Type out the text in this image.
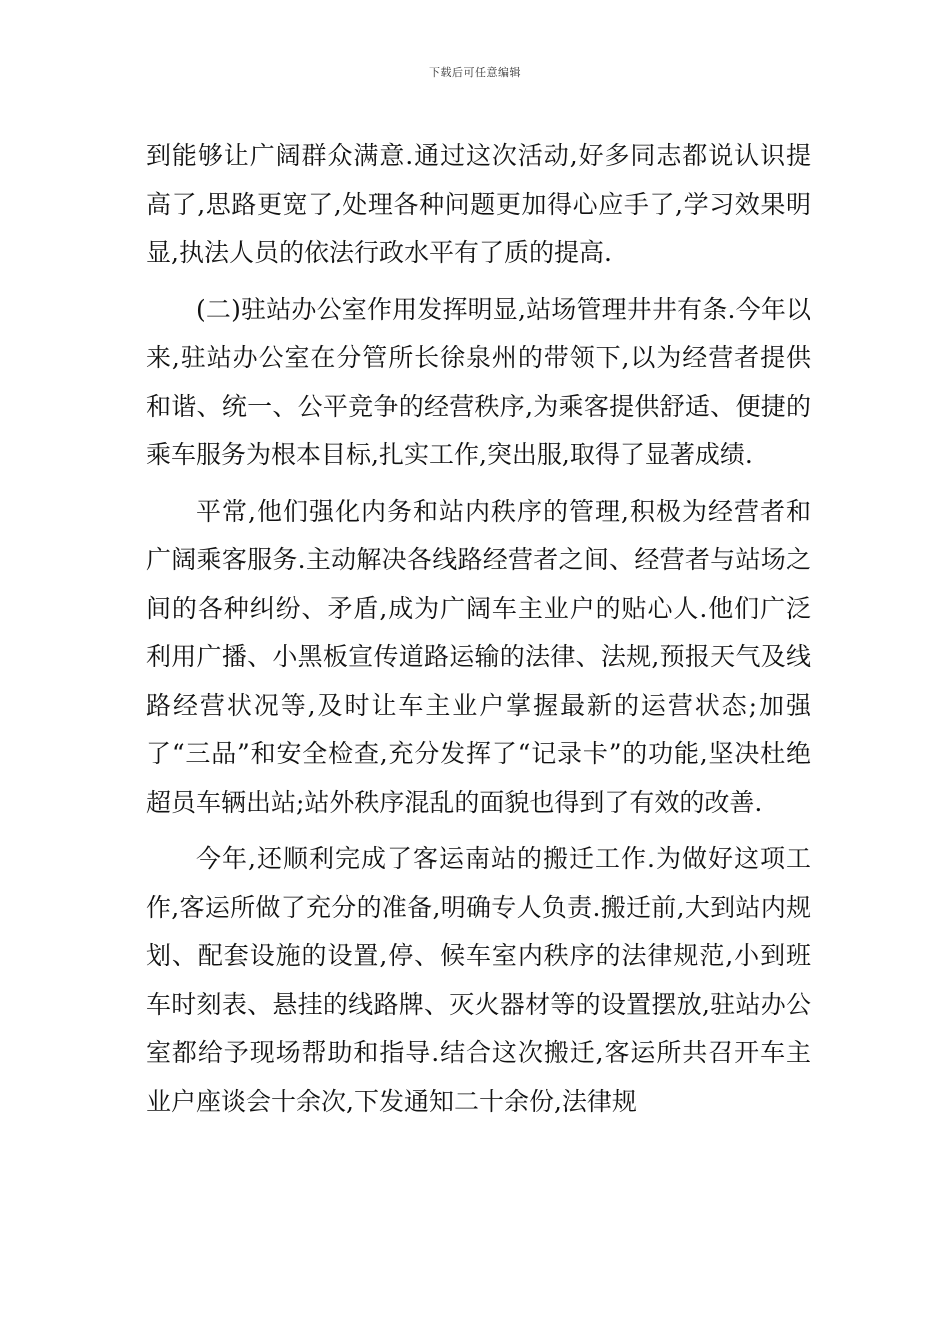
下载后可任意编辑

到能够让广阔群众满意.通过这次活动,好多同志都说认识提高了,思路更宽了,处理各种问题更加得心应手了,学习效果明显,执法人员的依法行政水平有了质的提高.

(二)驻站办公室作用发挥明显,站场管理井井有条.今年以来,驻站办公室在分管所长徐泉州的带领下,以为经营者提供和谐、统一、公平竞争的经营秩序,为乘客提供舒适、便捷的乘车服务为根本目标,扎实工作,突出服,取得了显著成绩.

平常,他们强化内务和站内秩序的管理,积极为经营者和广阔乘客服务.主动解决各线路经营者之间、经营者与站场之间的各种纠纷、矛盾,成为广阔车主业户的贴心人.他们广泛利用广播、小黑板宣传道路运输的法律、法规,预报天气及线路经营状况等,及时让车主业户掌握最新的运营状态;加强了“三品”和安全检查,充分发挥了“记录卡”的功能,坚决杜绝超员车辆出站;站外秩序混乱的面貌也得到了有效的改善.

今年,还顺利完成了客运南站的搬迁工作.为做好这项工作,客运所做了充分的准备,明确专人负责.搬迁前,大到站内规划、配套设施的设置,停、候车室内秩序的法律规范,小到班车时刻表、悬挂的线路牌、灭火器材等的设置摆放,驻站办公室都给予现场帮助和指导.结合这次搬迁,客运所共召开车主业户座谈会十余次,下发通知二十余份,法律规
